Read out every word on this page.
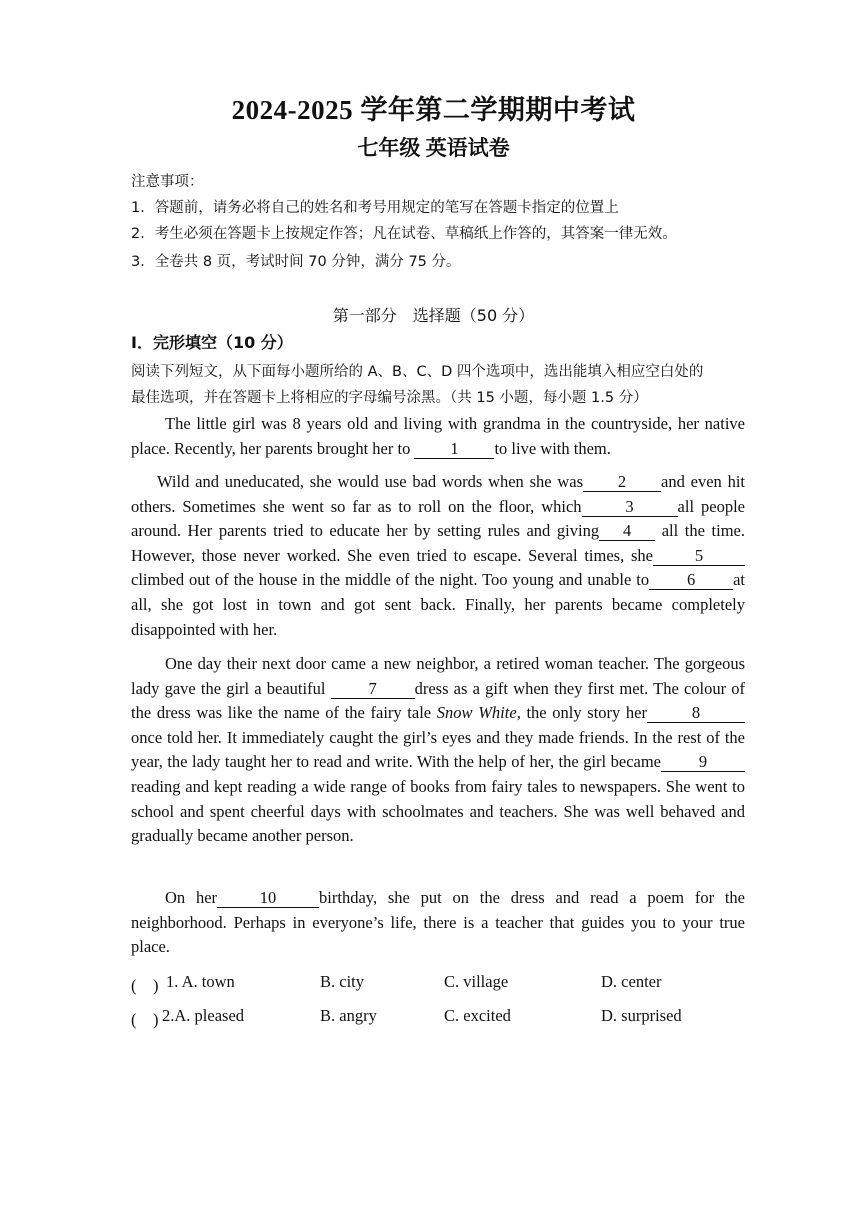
2024-2025 学年第二学期期中考试
七年级 英语试卷
注意事项：
1．答题前，请务必将自己的姓名和考号用规定的笔写在答题卡指定的位置上
2．考生必须在答题卡上按规定作答；凡在试卷、草稿纸上作答的，其答案一律无效。
3．全卷共 8 页，考试时间 70 分钟，满分 75 分。
第一部分　选择题（50 分）
I．完形填空（10 分）
阅读下列短文，从下面每小题所给的 A、B、C、D 四个选项中，选出能填入相应空白处的
最佳选项，并在答题卡上将相应的字母编号涂黑。（共 15 小题，每小题 1.5 分）
The little girl was 8 years old and living with grandma in the countryside, her native place. Recently, her parents brought her to 1 to live with them.
Wild and uneducated, she would use bad words when she was 2 and even hit others. Sometimes she went so far as to roll on the floor, which	3	all people around. Her parents tried to educate her by setting rules and giving 4 all the time. However, those never worked. She even tried to escape. Several times, she	5climbed out of the house in the middle of the night. Too young and unable to 6 at all, she got lost in town and got sent back. Finally, her parents became completely disappointed with her.
One day their next door came a new neighbor, a retired woman teacher. The gorgeous lady gave the girl a beautiful	7 dress as a gift when they first met. The colour of the dress was like the name of the fairy tale Snow White, the only story her	8once told her. It immediately caught the girl’s eyes and they made friends. In the rest of the year, the lady taught her to read and write. With the help of her, the girl became 9reading and kept reading a wide range of books from fairy tales to newspapers. She went to school and spent cheerful days with schoolmates and teachers. She was well behaved and gradually became another person.
On her	10	birthday, she put on the dress and read a poem for the neighborhood. Perhaps in everyone’s life, there is a teacher that guides you to your true place.
(　) 1. A. town	B. city	C. village	D. center
(　) 2.A. pleased	B. angry	C. excited	D. surprised
